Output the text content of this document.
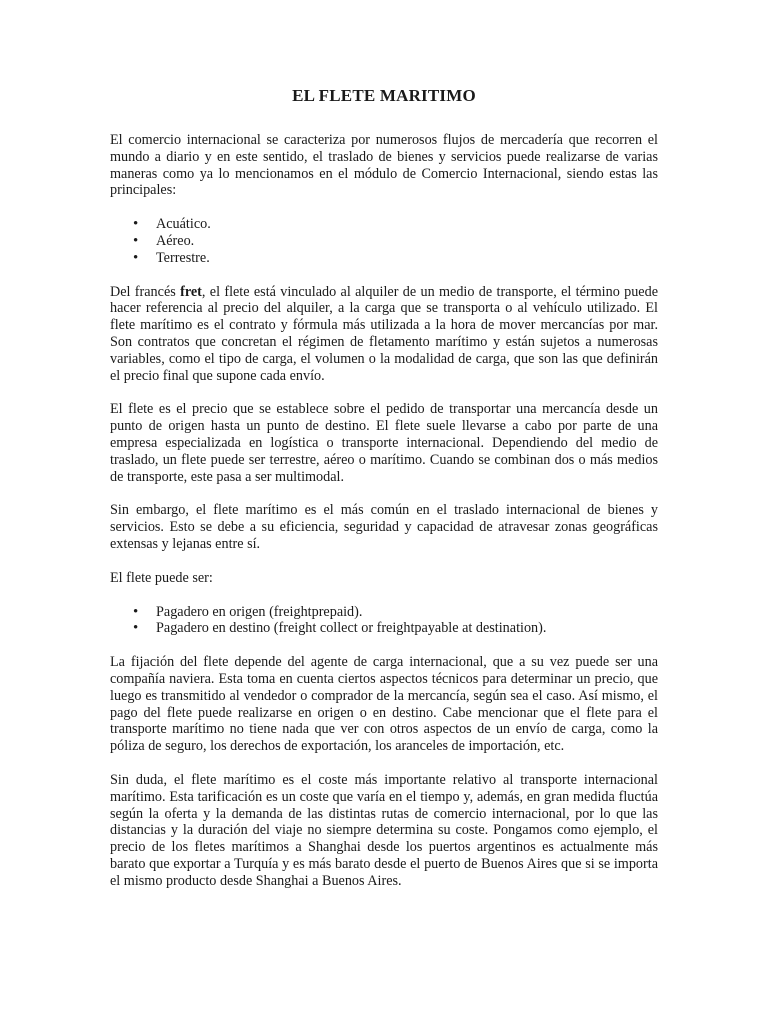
EL FLETE MARITIMO

El comercio internacional se caracteriza por numerosos flujos de mercadería que recorren el mundo a diario y en este sentido, el traslado de bienes y servicios puede realizarse de varias maneras como ya lo mencionamos en el módulo de Comercio Internacional, siendo estas las principales:

• Acuático.
• Aéreo.
• Terrestre.

Del francés fret, el flete está vinculado al alquiler de un medio de transporte, el término puede hacer referencia al precio del alquiler, a la carga que se transporta o al vehículo utilizado. El flete marítimo es el contrato y fórmula más utilizada a la hora de mover mercancías por mar. Son contratos que concretan el régimen de fletamento marítimo y están sujetos a numerosas variables, como el tipo de carga, el volumen o la modalidad de carga, que son las que definirán el precio final que supone cada envío.

El flete es el precio que se establece sobre el pedido de transportar una mercancía desde un punto de origen hasta un punto de destino. El flete suele llevarse a cabo por parte de una empresa especializada en logística o transporte internacional. Dependiendo del medio de traslado, un flete puede ser terrestre, aéreo o marítimo. Cuando se combinan dos o más medios de transporte, este pasa a ser multimodal.

Sin embargo, el flete marítimo es el más común en el traslado internacional de bienes y servicios. Esto se debe a su eficiencia, seguridad y capacidad de atravesar zonas geográficas extensas y lejanas entre sí.

El flete puede ser:

• Pagadero en origen (freightprepaid).
• Pagadero en destino (freight collect or freightpayable at destination).

La fijación del flete depende del agente de carga internacional, que a su vez puede ser una compañía naviera. Esta toma en cuenta ciertos aspectos técnicos para determinar un precio, que luego es transmitido al vendedor o comprador de la mercancía, según sea el caso. Así mismo, el pago del flete puede realizarse en origen o en destino. Cabe mencionar que el flete para el transporte marítimo no tiene nada que ver con otros aspectos de un envío de carga, como la póliza de seguro, los derechos de exportación, los aranceles de importación, etc.

Sin duda, el flete marítimo es el coste más importante relativo al transporte internacional marítimo. Esta tarificación es un coste que varía en el tiempo y, además, en gran medida fluctúa según la oferta y la demanda de las distintas rutas de comercio internacional, por lo que las distancias y la duración del viaje no siempre determina su coste. Pongamos como ejemplo, el precio de los fletes marítimos a Shanghai desde los puertos argentinos es actualmente más barato que exportar a Turquía y es más barato desde el puerto de Buenos Aires que si se importa el mismo producto desde Shanghai a Buenos Aires.
